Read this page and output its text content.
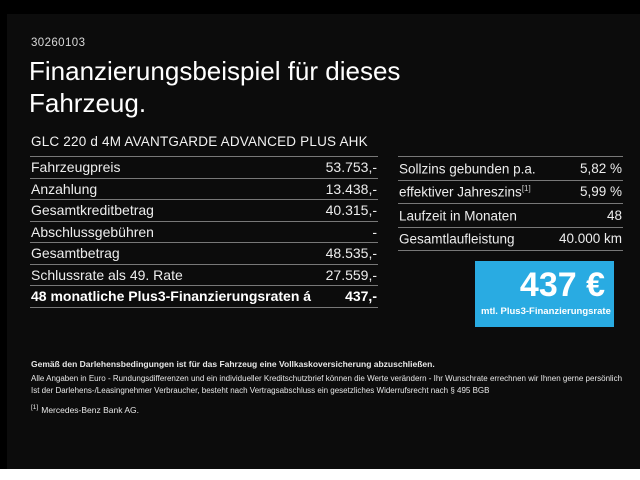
30260103
Finanzierungsbeispiel für dieses Fahrzeug.
GLC 220 d 4M AVANTGARDE ADVANCED PLUS AHK
Fahrzeugpreis	53.753,-
Anzahlung	13.438,-
Gesamtkreditbetrag	40.315,-
Abschlussgebühren	-
Gesamtbetrag	48.535,-
Schlussrate als 49. Rate	27.559,-
48 monatliche Plus3-Finanzierungsraten á 437,-
Sollzins gebunden p.a.	5,82 %
effektiver Jahreszins[1]	5,99 %
Laufzeit in Monaten	48
Gesamtlaufleistung	40.000 km
437 €
mtl. Plus3-Finanzierungsrate
Gemäß den Darlehensbedingungen ist für das Fahrzeug eine Vollkaskoversicherung abzuschließen.
Alle Angaben in Euro - Rundungsdifferenzen und ein individueller Kreditschutzbrief können die Werte verändern - Ihr Wunschrate errechnen wir Ihnen gerne persönlich
Ist der Darlehens-/Leasingnehmer Verbraucher, besteht nach Vertragsabschluss ein gesetzliches Widerrufsrecht nach § 495 BGB
[1] Mercedes-Benz Bank AG.
